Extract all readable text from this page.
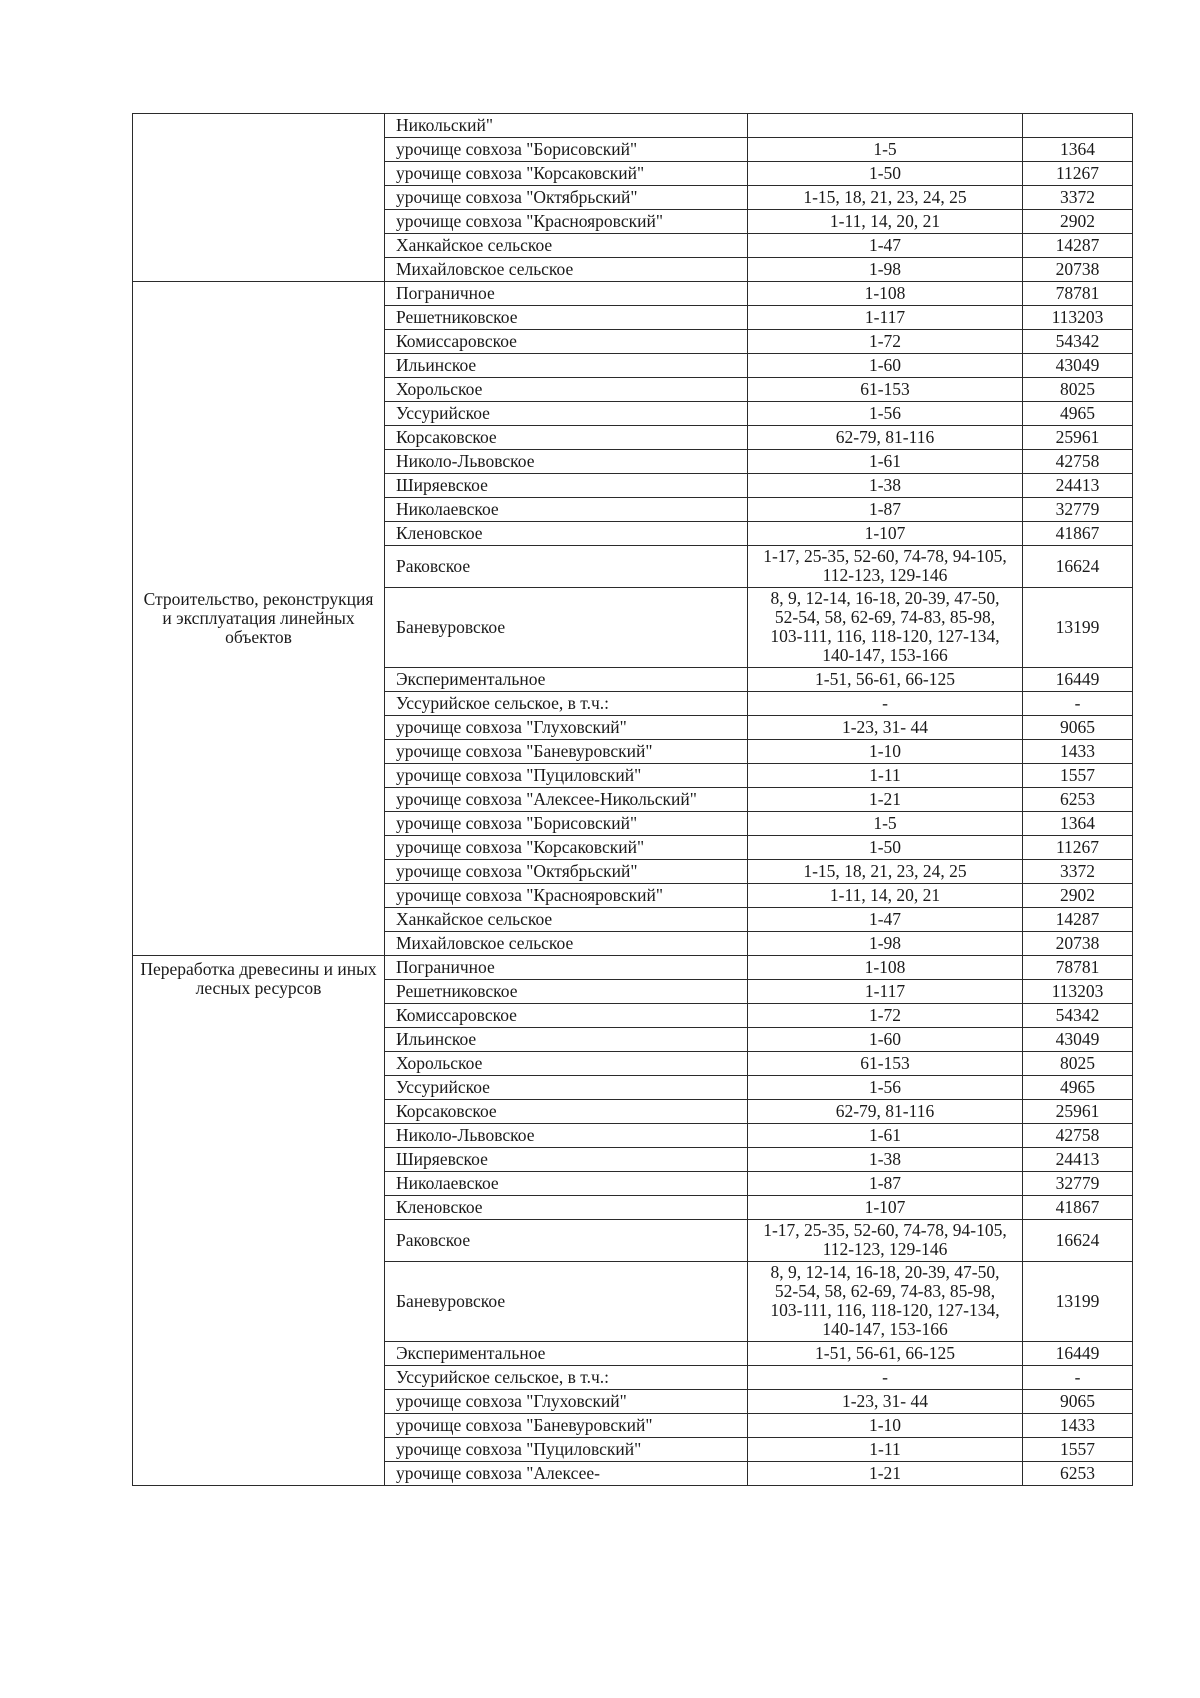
	Никольский"		
	урочище совхоза "Борисовский"	1-5	1364
	урочище совхоза "Корсаковский"	1-50	11267
	урочище совхоза "Октябрьский"	1-15, 18, 21, 23, 24, 25	3372
	урочище совхоза "Краснояровский"	1-11, 14, 20, 21	2902
	Ханкайское сельское	1-47	14287
	Михайловское сельское	1-98	20738
Строительство, реконструкция и эксплуатация линейных объектов	Пограничное	1-108	78781
	Решетниковское	1-117	113203
	Комиссаровское	1-72	54342
	Ильинское	1-60	43049
	Хорольское	61-153	8025
	Уссурийское	1-56	4965
	Корсаковское	62-79, 81-116	25961
	Николо-Львовское	1-61	42758
	Ширяевское	1-38	24413
	Николаевское	1-87	32779
	Кленовское	1-107	41867
	Раковское	1-17, 25-35, 52-60, 74-78, 94-105, 112-123, 129-146	16624
	Баневуровское	8, 9, 12-14, 16-18, 20-39, 47-50, 52-54, 58, 62-69, 74-83, 85-98, 103-111, 116, 118-120, 127-134, 140-147, 153-166	13199
	Экспериментальное	1-51, 56-61, 66-125	16449
	Уссурийское сельское, в т.ч.:	-	-
	урочище совхоза "Глуховский"	1-23, 31- 44	9065
	урочище совхоза "Баневуровский"	1-10	1433
	урочище совхоза "Пуциловский"	1-11	1557
	урочище совхоза "Алексее-Никольский"	1-21	6253
	урочище совхоза "Борисовский"	1-5	1364
	урочище совхоза "Корсаковский"	1-50	11267
	урочище совхоза "Октябрьский"	1-15, 18, 21, 23, 24, 25	3372
	урочище совхоза "Краснояровский"	1-11, 14, 20, 21	2902
	Ханкайское сельское	1-47	14287
	Михайловское сельское	1-98	20738
Переработка древесины и иных лесных ресурсов	Пограничное	1-108	78781
	Решетниковское	1-117	113203
	Комиссаровское	1-72	54342
	Ильинское	1-60	43049
	Хорольское	61-153	8025
	Уссурийское	1-56	4965
	Корсаковское	62-79, 81-116	25961
	Николо-Львовское	1-61	42758
	Ширяевское	1-38	24413
	Николаевское	1-87	32779
	Кленовское	1-107	41867
	Раковское	1-17, 25-35, 52-60, 74-78, 94-105, 112-123, 129-146	16624
	Баневуровское	8, 9, 12-14, 16-18, 20-39, 47-50, 52-54, 58, 62-69, 74-83, 85-98, 103-111, 116, 118-120, 127-134, 140-147, 153-166	13199
	Экспериментальное	1-51, 56-61, 66-125	16449
	Уссурийское сельское, в т.ч.:	-	-
	урочище совхоза "Глуховский"	1-23, 31- 44	9065
	урочище совхоза "Баневуровский"	1-10	1433
	урочище совхоза "Пуциловский"	1-11	1557
	урочище совхоза "Алексее-	1-21	6253
